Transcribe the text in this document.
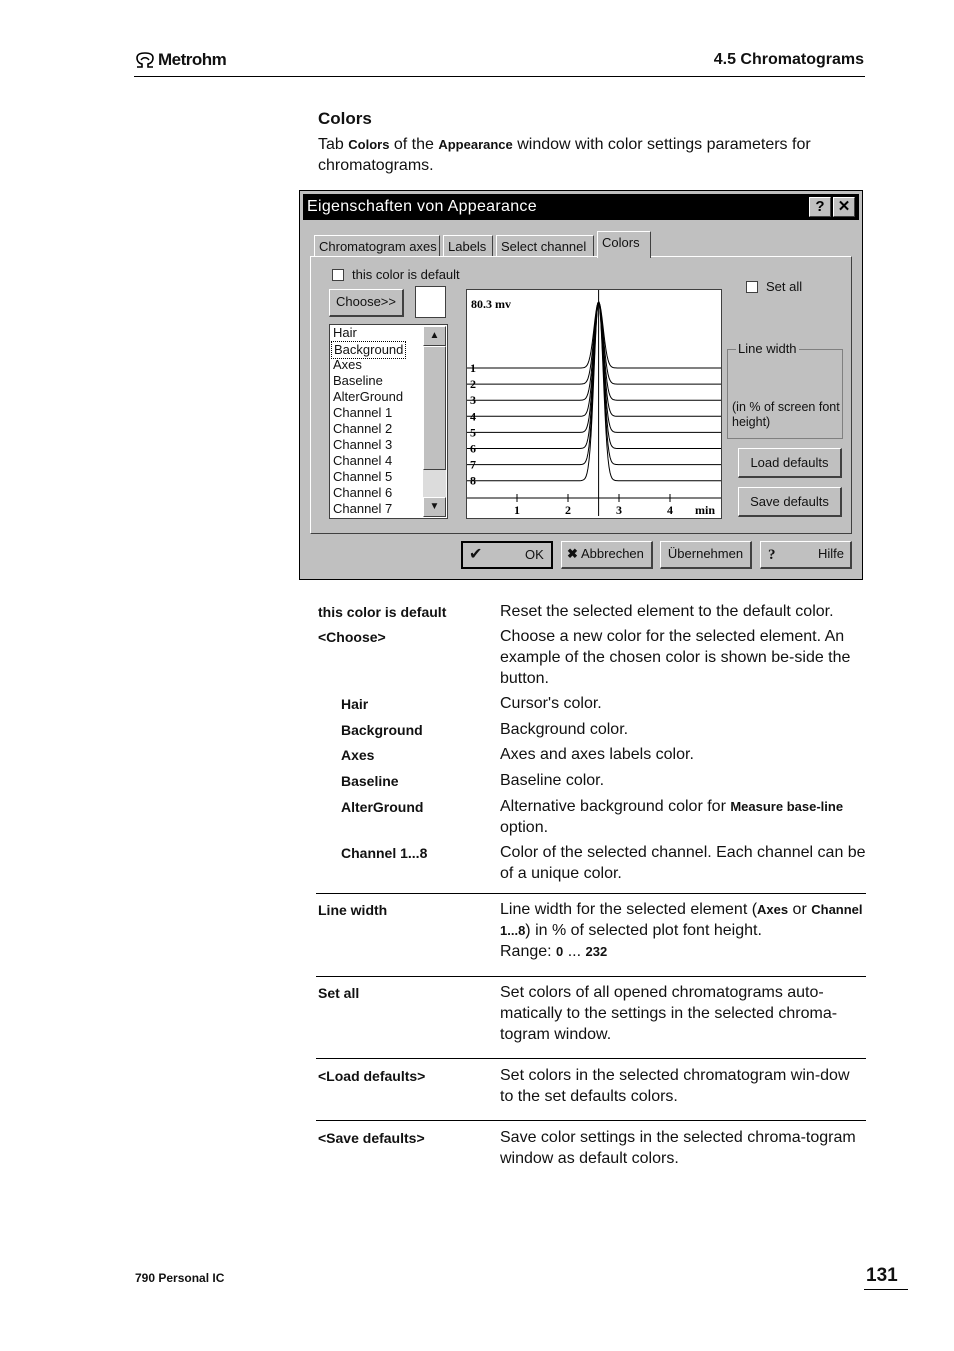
Metrohm	4.5 Chromatograms
Colors
Tab Colors of the Appearance window with color settings parameters for chromatograms.
Eigenschaften von Appearance	? ✕
Chromatogram axes Labels	Select channel	Colors
this color is default
Choose>>
Hair
Background
Axes
Baseline
AlterGround
Channel 1
Channel 2
Channel 3
Channel 4
Channel 5
Channel 6
Channel 7
▲
▼
1
2
3
4
5
6
7
8
1	2	3	4
80.3 mv
min
Set all
Line width
(in % of screen font height)
Load defaults
Save defaults
✔	OK ✖ Abbrechen	Übernehmen	?	Hilfe
this color is default	Reset the selected element to the default color.
<Choose>	Choose a new color for the selected element. An example of the chosen color is shown be-side the button.
Hair	Cursor's color.
Background	Background color.
Axes	Axes and axes labels color.
Baseline	Baseline color.
AlterGround	Alternative background color for Measure base-line option.
Channel 1...8	Color of the selected channel. Each channel can be of a unique color.
Line width	Line width for the selected element (Axes or Channel 1...8) in % of selected plot font height.
Range: 0 ... 232
Set all	Set colors of all opened chromatograms auto-matically to the settings in the selected chroma-togram window.
<Load defaults>	Set colors in the selected chromatogram win-dow to the set defaults colors.
<Save defaults>	Save color settings in the selected chroma-togram window as default colors.
790 Personal IC	131
